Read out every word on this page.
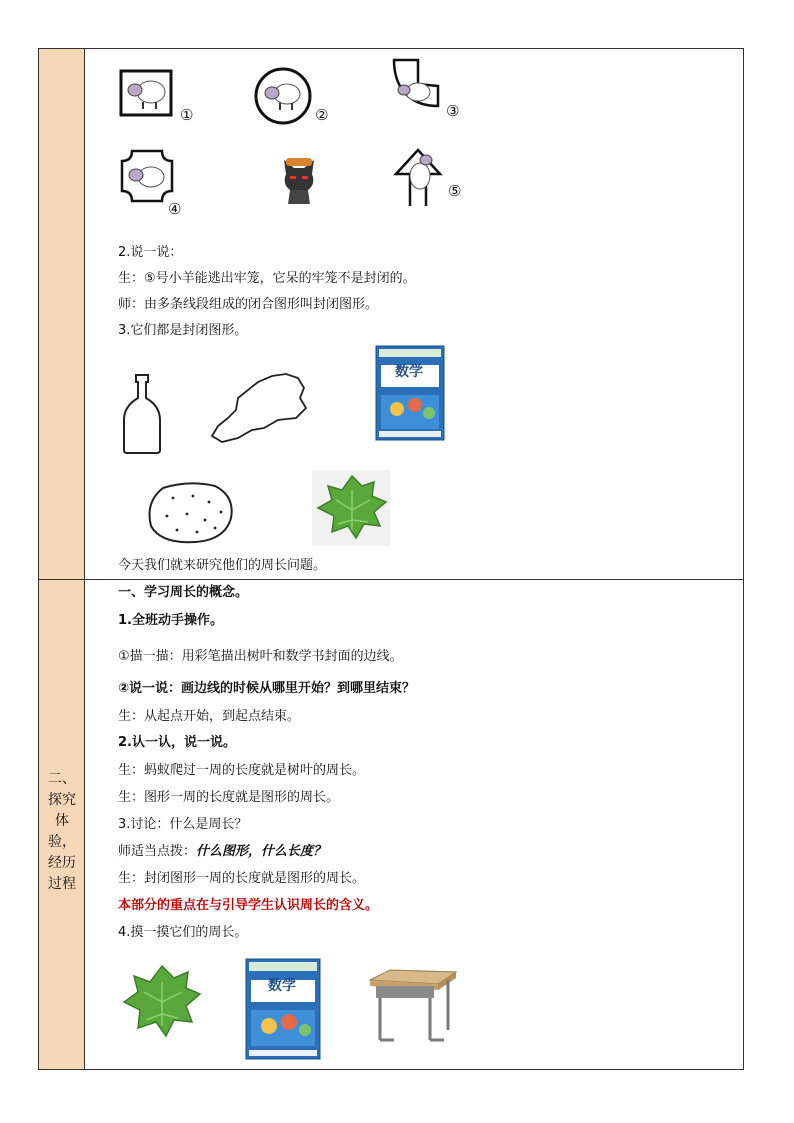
二、
探究
体
验，
经历
过程
①	②	③
④
⑤
2.说一说：
生：⑤号小羊能逃出牢笼，它呆的牢笼不是封闭的。
师：由多条线段组成的闭合图形叫封闭图形。
3.它们都是封闭图形。
数学
今天我们就来研究他们的周长问题。
一、学习周长的概念。
1.全班动手操作。
①描一描：用彩笔描出树叶和数学书封面的边线。
②说一说：画边线的时候从哪里开始？到哪里结束？
生：从起点开始，到起点结束。
2.认一认，说一说。
生：蚂蚁爬过一周的长度就是树叶的周长。
生：图形一周的长度就是图形的周长。
3.讨论：什么是周长？
师适当点拨：什么图形，什么长度？
生：封闭图形一周的长度就是图形的周长。
本部分的重点在与引导学生认识周长的含义。
4.摸一摸它们的周长。
数学
